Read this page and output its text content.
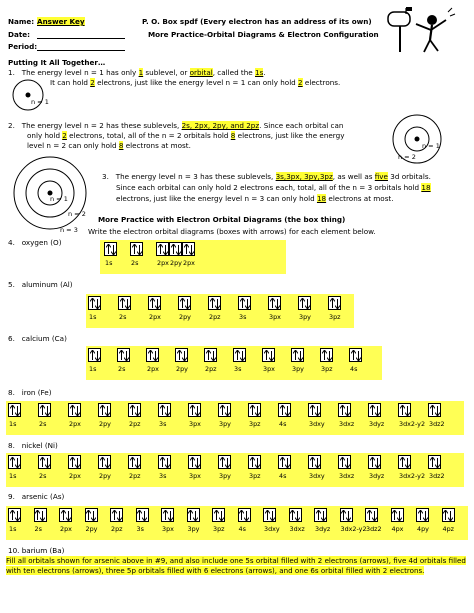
Name: Answer Key
Date:
Period:
P. O. Box spdf (Every electron has an address of its own)
More Practice-Orbital Diagrams & Electron Configuration
Putting It All Together…
1. The energy level n = 1 has only 1 sublevel, or orbital, called the 1s.
It can hold 2 electrons, just like the energy level n = 1 can only hold 2 electrons.
n = 1
2. The energy level n = 2 has these sublevels, 2s, 2px, 2py, and 2pz. Since each orbital can
only hold 2 electrons, total, all of the n = 2 orbitals hold 8 electrons, just like the energy
level n = 2 can only hold 8 electrons at most.	n = 1
n = 2
n = 1
n = 2
n = 3
3. The energy level n = 3 has these sublevels, 3s,3px, 3py,3pz, as well as five 3d orbitals.
Since each orbital can only hold 2 electrons each, total, all of the n = 3 orbitals hold 18
electrons, just like the energy level n = 3 can only hold 18 electrons at most.
More Practice with Electron Orbital Diagrams (the box thing)
Write the electron orbital diagrams (boxes with arrows) for each element below.
4. oxygen (O)
1s	2s	2px 2py 2px
5. aluminum (Al)
1s	2s	2px	2py	2pz	3s	3px	3py	3pz
6. calcium (Ca)
1s	2s	2px	2py	2pz	3s	3px	3py	3pz	4s
8. iron (Fe)
1s	2s	2px	2py	2pz	3s	3px	3py	3pz	4s	3dxy 3dxz 3dyz 3dx2-y2 3dz2
8. nickel (Ni)
1s	2s	2px	2py	2pz	3s	3px	3py	3pz	4s	3dxy 3dxz 3dyz 3dx2-y2 3dz2
9. arsenic (As)
1s	2s	2px 2py 2pz 3s	3px 3py 3pz 4s	3dxy 3dxz 3dyz 3dx2-y2 3dz2 4px 4py 4pz
10. barium (Ba)
Fill all orbitals shown for arsenic above in #9, and also include one 5s orbital filled with 2 electrons (arrows), five 4d orbitals filled with ten electrons (arrows), three 5p orbitals filled with 6 electrons (arrows), and one 6s orbital filled with 2 electrons.
